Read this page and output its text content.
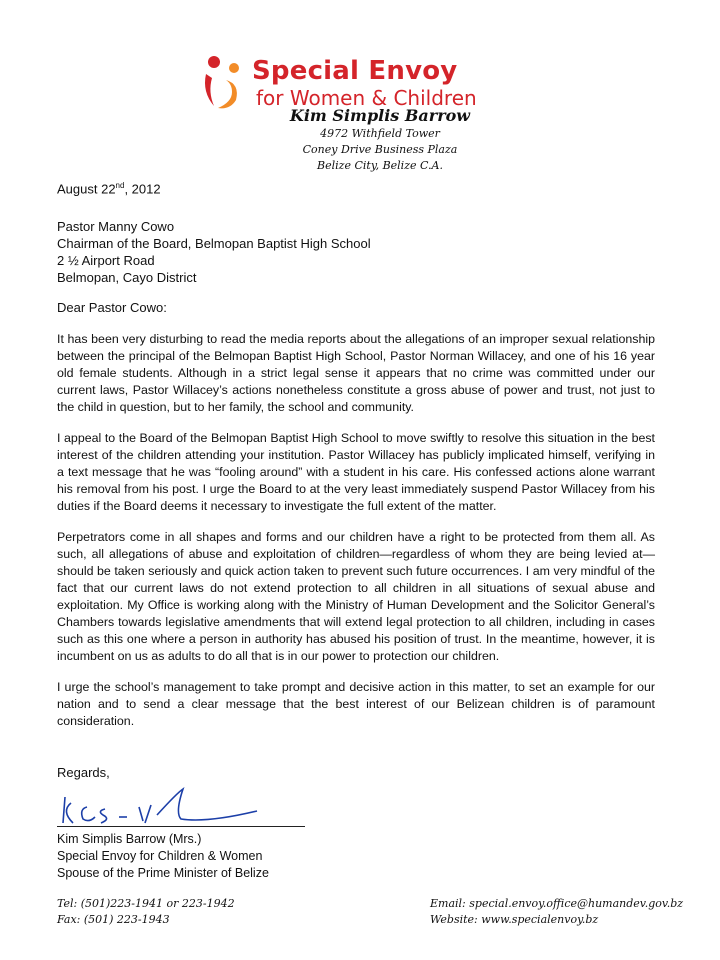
Special Envoy
for Women & Children
Kim Simplis Barrow
4972 Withfield Tower
Coney Drive Business Plaza
Belize City, Belize C.A.
August 22nd, 2012
Pastor Manny Cowo
Chairman of the Board, Belmopan Baptist High School
2 ½ Airport Road
Belmopan, Cayo District
Dear Pastor Cowo:

It has been very disturbing to read the media reports about the allegations of an improper sexual relationship between the principal of the Belmopan Baptist High School, Pastor Norman Willacey, and one of his 16 year old female students. Although in a strict legal sense it appears that no crime was committed under our current laws, Pastor Willacey’s actions nonetheless constitute a gross abuse of power and trust, not just to the child in question, but to her family, the school and community.

I appeal to the Board of the Belmopan Baptist High School to move swiftly to resolve this situation in the best interest of the children attending your institution. Pastor Willacey has publicly implicated himself, verifying in a text message that he was “fooling around” with a student in his care. His confessed actions alone warrant his removal from his post. I urge the Board to at the very least immediately suspend Pastor Willacey from his duties if the Board deems it necessary to investigate the full extent of the matter.

Perpetrators come in all shapes and forms and our children have a right to be protected from them all. As such, all allegations of abuse and exploitation of children—regardless of whom they are being levied at—should be taken seriously and quick action taken to prevent such future occurrences. I am very mindful of the fact that our current laws do not extend protection to all children in all situations of sexual abuse and exploitation. My Office is working along with the Ministry of Human Development and the Solicitor General’s Chambers towards legislative amendments that will extend legal protection to all children, including in cases such as this one where a person in authority has abused his position of trust. In the meantime, however, it is incumbent on us as adults to do all that is in our power to protection our children.

I urge the school’s management to take prompt and decisive action in this matter, to set an example for our nation and to send a clear message that the best interest of our Belizean children is of paramount consideration.

Regards,
Kim Simplis Barrow (Mrs.)
Special Envoy for Children & Women
Spouse of the Prime Minister of Belize
Tel: (501)223-1941 or 223-1942
Fax: (501) 223-1943
Email: special.envoy.office@humandev.gov.bz
Website: www.specialenvoy.bz
